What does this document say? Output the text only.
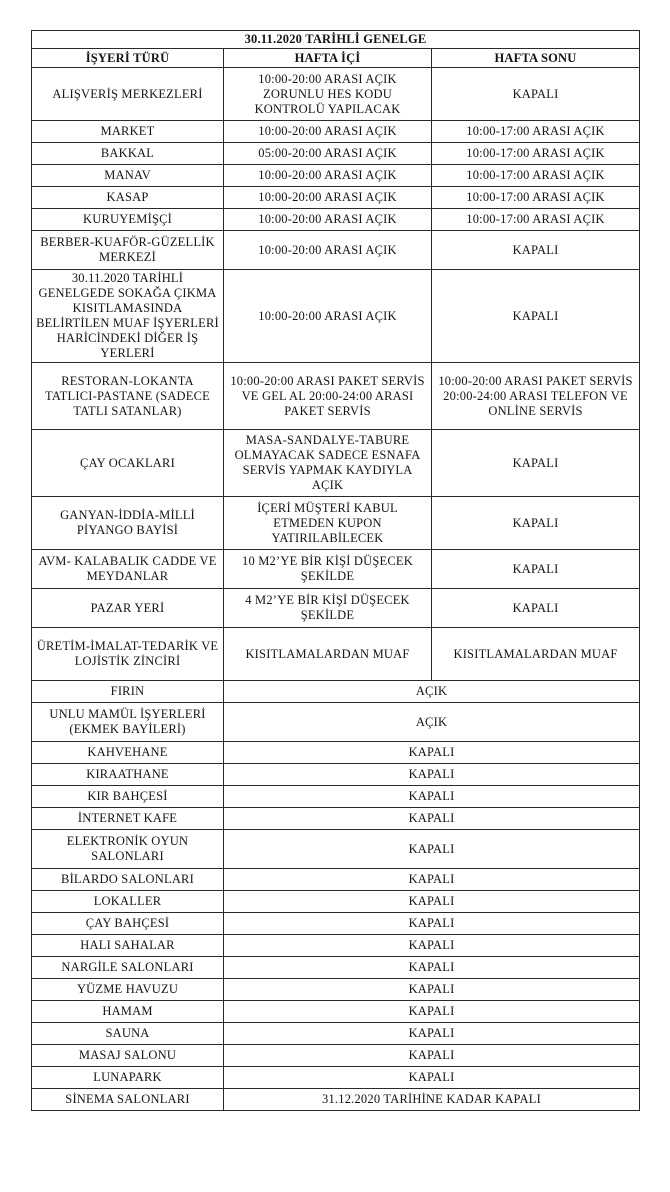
30.11.2020 TARİHLİ GENELGE		
İŞYERİ TÜRÜ	HAFTA İÇİ	HAFTA SONU
ALIŞVERİŞ MERKEZLERİ	10:00-20:00 ARASI AÇIK ZORUNLU HES KODU KONTROLÜ YAPILACAK	KAPALI
MARKET	10:00-20:00 ARASI AÇIK	10:00-17:00 ARASI AÇIK
BAKKAL	05:00-20:00 ARASI AÇIK	10:00-17:00 ARASI AÇIK
MANAV	10:00-20:00 ARASI AÇIK	10:00-17:00 ARASI AÇIK
KASAP	10:00-20:00 ARASI AÇIK	10:00-17:00 ARASI AÇIK
KURUYEMİŞÇİ	10:00-20:00 ARASI AÇIK	10:00-17:00 ARASI AÇIK
BERBER-KUAFÖR-GÜZELLİK MERKEZİ	10:00-20:00 ARASI AÇIK	KAPALI
30.11.2020 TARİHLİ GENELGEDE SOKAĞA ÇIKMA KISITLAMASINDA BELİRTİLEN MUAF İŞYERLERİ HARİCİNDEKİ DİĞER İŞ YERLERİ	10:00-20:00 ARASI AÇIK	KAPALI
RESTORAN-LOKANTA TATLICI-PASTANE (SADECE TATLI SATANLAR)	10:00-20:00 ARASI PAKET SERVİS VE GEL AL 20:00-24:00 ARASI PAKET SERVİS	10:00-20:00 ARASI PAKET SERVİS 20:00-24:00 ARASI TELEFON VE ONLİNE SERVİS
ÇAY OCAKLARI	MASA-SANDALYE-TABURE OLMAYACAK SADECE ESNAFA SERVİS YAPMAK KAYDIYLA AÇIK	KAPALI
GANYAN-İDDİA-MİLLİ PİYANGO BAYİSİ	İÇERİ MÜŞTERİ KABUL ETMEDEN KUPON YATIRILABİLECEK	KAPALI
AVM- KALABALIK CADDE VE MEYDANLAR	10 M2’YE BİR KİŞİ DÜŞECEK ŞEKİLDE	KAPALI
PAZAR YERİ	4 M2’YE BİR KİŞİ DÜŞECEK ŞEKİLDE	KAPALI
ÜRETİM-İMALAT-TEDARİK VE LOJİSTİK ZİNCİRİ	KISITLAMALARDAN MUAF	KISITLAMALARDAN MUAF
FIRIN	AÇIK	
UNLU MAMÜL İŞYERLERİ (EKMEK BAYİLERİ)	AÇIK	
KAHVEHANE	KAPALI	
KIRAATHANE	KAPALI	
KIR BAHÇESİ	KAPALI	
İNTERNET KAFE	KAPALI	
ELEKTRONİK OYUN SALONLARI	KAPALI	
BİLARDO SALONLARI	KAPALI	
LOKALLER	KAPALI	
ÇAY BAHÇESİ	KAPALI	
HALI SAHALAR	KAPALI	
NARGİLE SALONLARI	KAPALI	
YÜZME HAVUZU	KAPALI	
HAMAM	KAPALI	
SAUNA	KAPALI	
MASAJ SALONU	KAPALI	
LUNAPARK	KAPALI	
SİNEMA SALONLARI	31.12.2020 TARİHİNE KADAR KAPALI	
